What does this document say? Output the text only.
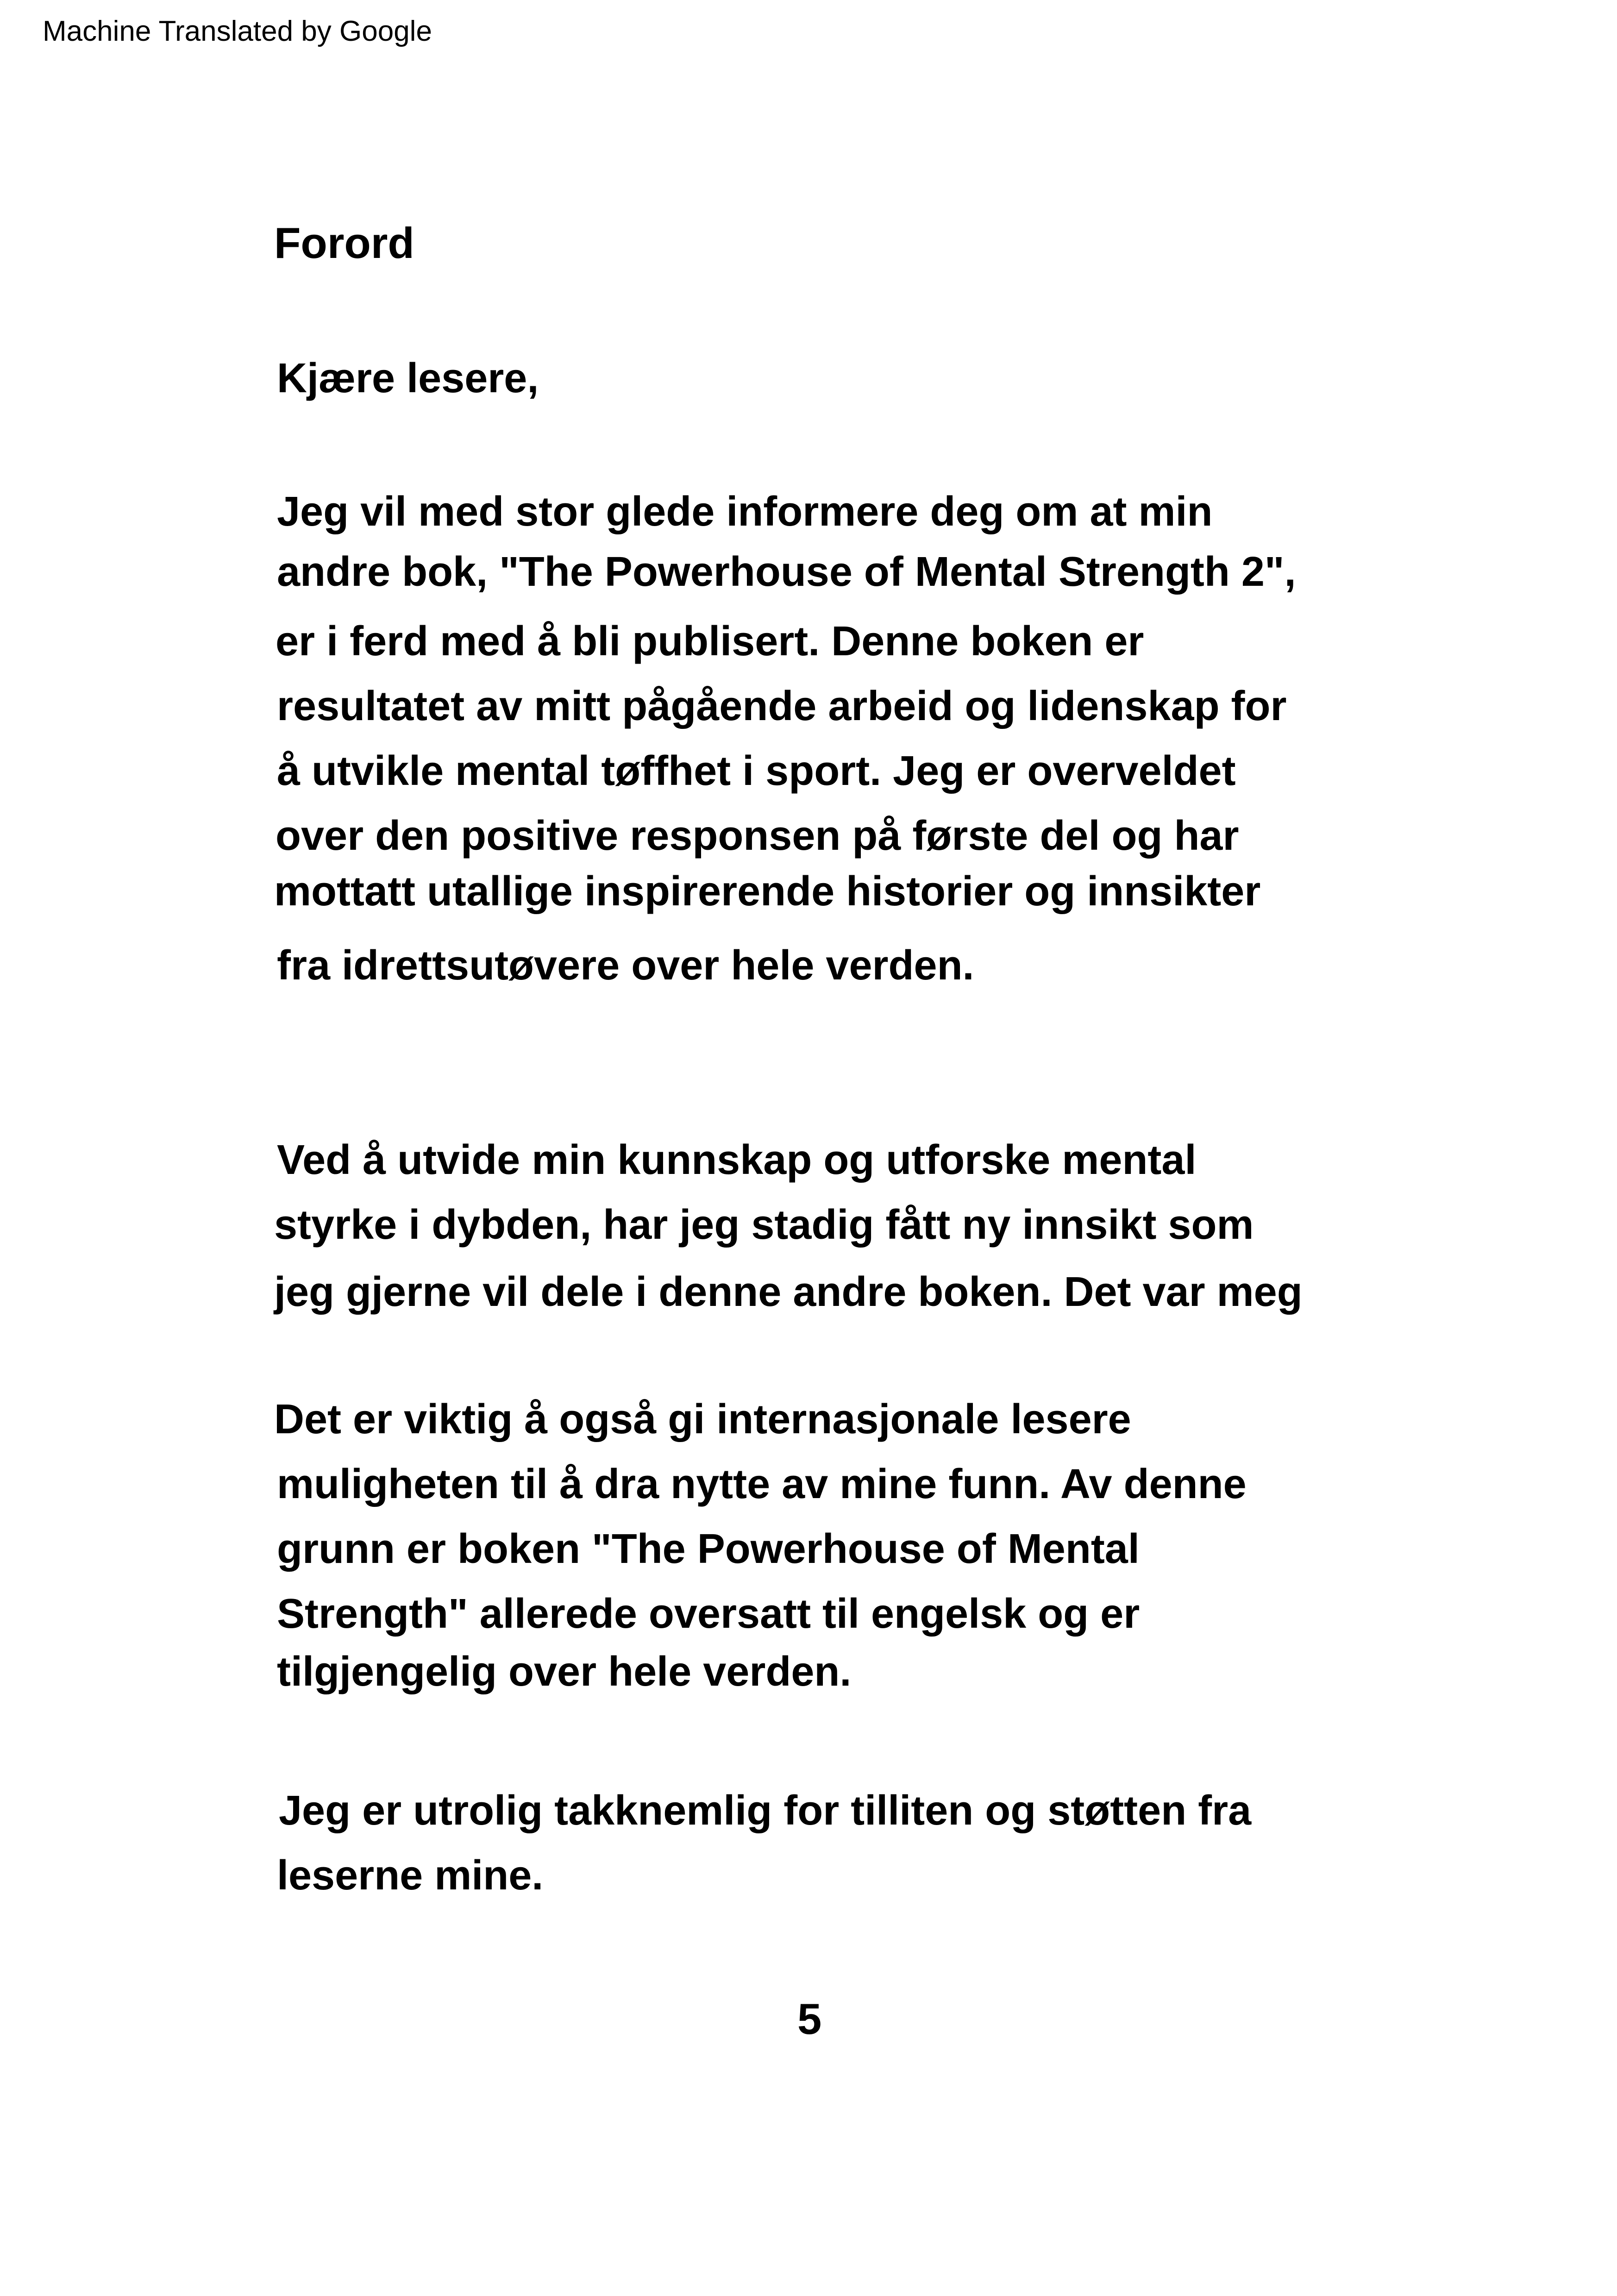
Machine Translated by Google
Forord
Kjære lesere,
Jeg vil med stor glede informere deg om at min
andre bok, "The Powerhouse of Mental Strength 2",
er i ferd med å bli publisert. Denne boken er
resultatet av mitt pågående arbeid og lidenskap for
å utvikle mental tøffhet i sport. Jeg er overveldet
over den positive responsen på første del og har
mottatt utallige inspirerende historier og innsikter
fra idrettsutøvere over hele verden.
Ved å utvide min kunnskap og utforske mental
styrke i dybden, har jeg stadig fått ny innsikt som
jeg gjerne vil dele i denne andre boken. Det var meg
Det er viktig å også gi internasjonale lesere
muligheten til å dra nytte av mine funn. Av denne
grunn er boken "The Powerhouse of Mental
Strength" allerede oversatt til engelsk og er
tilgjengelig over hele verden.
Jeg er utrolig takknemlig for tilliten og støtten fra
leserne mine.
5
